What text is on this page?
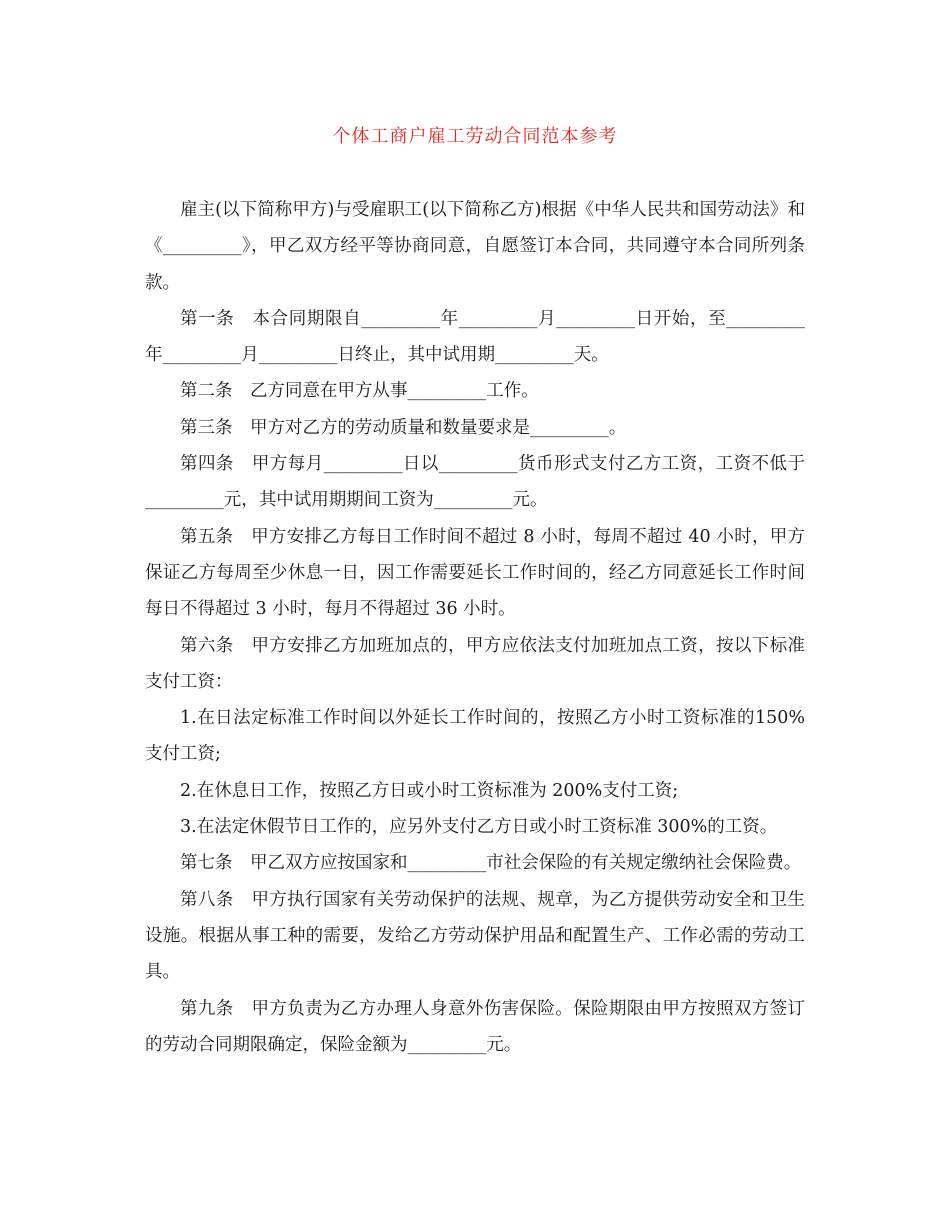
个体工商户雇工劳动合同范本参考

雇主(以下简称甲方)与受雇职工(以下简称乙方)根据《中华人民共和国劳动法》和《_________》，甲乙双方经平等协商同意，自愿签订本合同，共同遵守本合同所列条款。

第一条　本合同期限自_________年_________月_________日开始，至_________年_________月_________日终止，其中试用期_________天。

第二条　乙方同意在甲方从事_________工作。

第三条　甲方对乙方的劳动质量和数量要求是_________。

第四条　甲方每月_________日以_________货币形式支付乙方工资，工资不低于_________元，其中试用期期间工资为_________元。

第五条　甲方安排乙方每日工作时间不超过 8 小时，每周不超过 40 小时，甲方保证乙方每周至少休息一日，因工作需要延长工作时间的，经乙方同意延长工作时间每日不得超过 3 小时，每月不得超过 36 小时。

第六条　甲方安排乙方加班加点的，甲方应依法支付加班加点工资，按以下标准支付工资：

1.在日法定标准工作时间以外延长工作时间的，按照乙方小时工资标准的150%支付工资;

2.在休息日工作，按照乙方日或小时工资标准为 200%支付工资;

3.在法定休假节日工作的，应另外支付乙方日或小时工资标准 300%的工资。

第七条　甲乙双方应按国家和_________市社会保险的有关规定缴纳社会保险费。

第八条　甲方执行国家有关劳动保护的法规、规章，为乙方提供劳动安全和卫生设施。根据从事工种的需要，发给乙方劳动保护用品和配置生产、工作必需的劳动工具。

第九条　甲方负责为乙方办理人身意外伤害保险。保险期限由甲方按照双方签订的劳动合同期限确定，保险金额为_________元。
